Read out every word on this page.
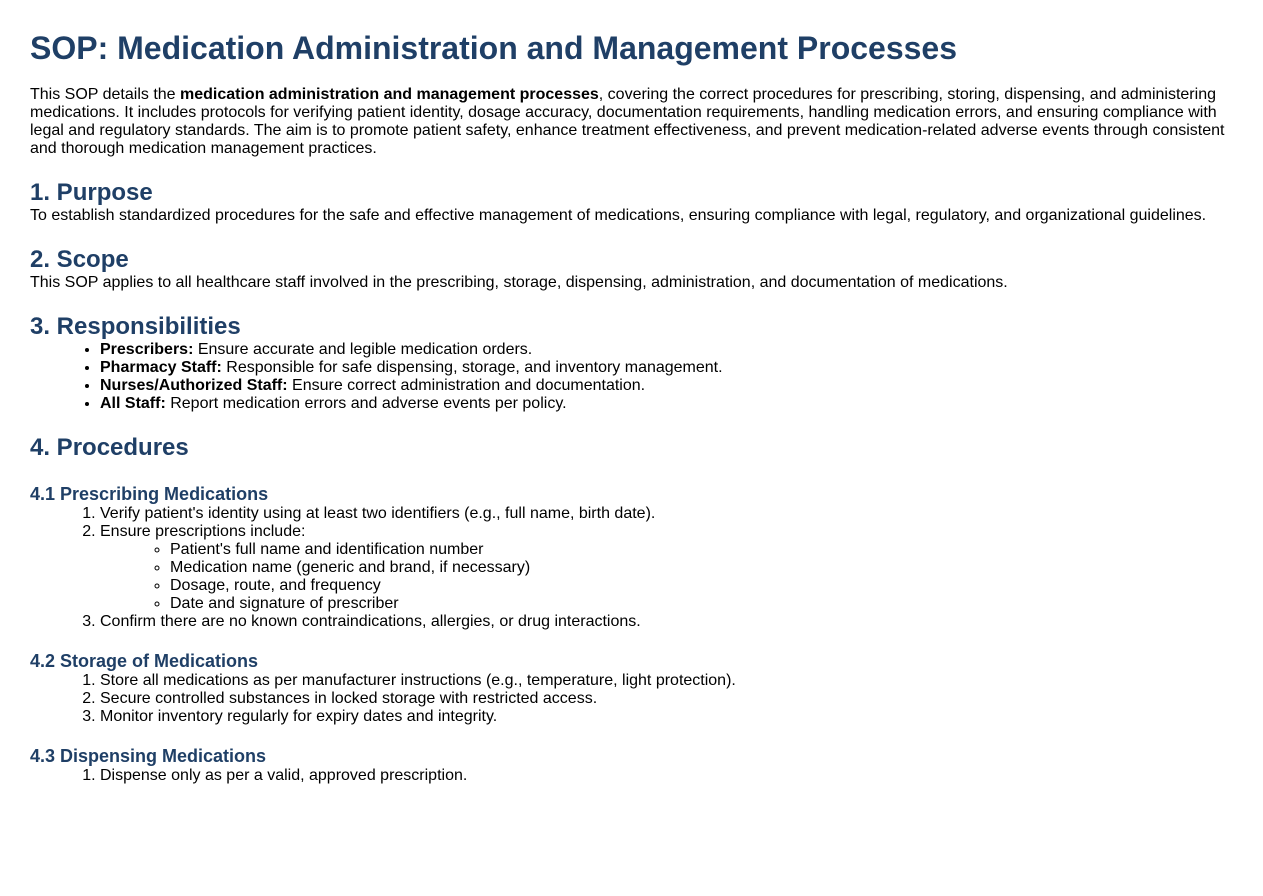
SOP: Medication Administration and Management Processes

This SOP details the medication administration and management processes, covering the correct procedures for prescribing, storing, dispensing, and administering medications. It includes protocols for verifying patient identity, dosage accuracy, documentation requirements, handling medication errors, and ensuring compliance with legal and regulatory standards. The aim is to promote patient safety, enhance treatment effectiveness, and prevent medication-related adverse events through consistent and thorough medication management practices.

1. Purpose

To establish standardized procedures for the safe and effective management of medications, ensuring compliance with legal, regulatory, and organizational guidelines.

2. Scope

This SOP applies to all healthcare staff involved in the prescribing, storage, dispensing, administration, and documentation of medications.

3. Responsibilities
• Prescribers: Ensure accurate and legible medication orders.
• Pharmacy Staff: Responsible for safe dispensing, storage, and inventory management.
• Nurses/Authorized Staff: Ensure correct administration and documentation.
• All Staff: Report medication errors and adverse events per policy.
4. Procedures
4.1 Prescribing Medications
1. Verify patient's identity using at least two identifiers (e.g., full name, birth date).
2. Ensure prescriptions include:
◦ Patient's full name and identification number
◦ Medication name (generic and brand, if necessary)
◦ Dosage, route, and frequency
◦ Date and signature of prescriber
3. Confirm there are no known contraindications, allergies, or drug interactions.
4.2 Storage of Medications
1. Store all medications as per manufacturer instructions (e.g., temperature, light protection).
2. Secure controlled substances in locked storage with restricted access.
3. Monitor inventory regularly for expiry dates and integrity.
4.3 Dispensing Medications
1. Dispense only as per a valid, approved prescription.
